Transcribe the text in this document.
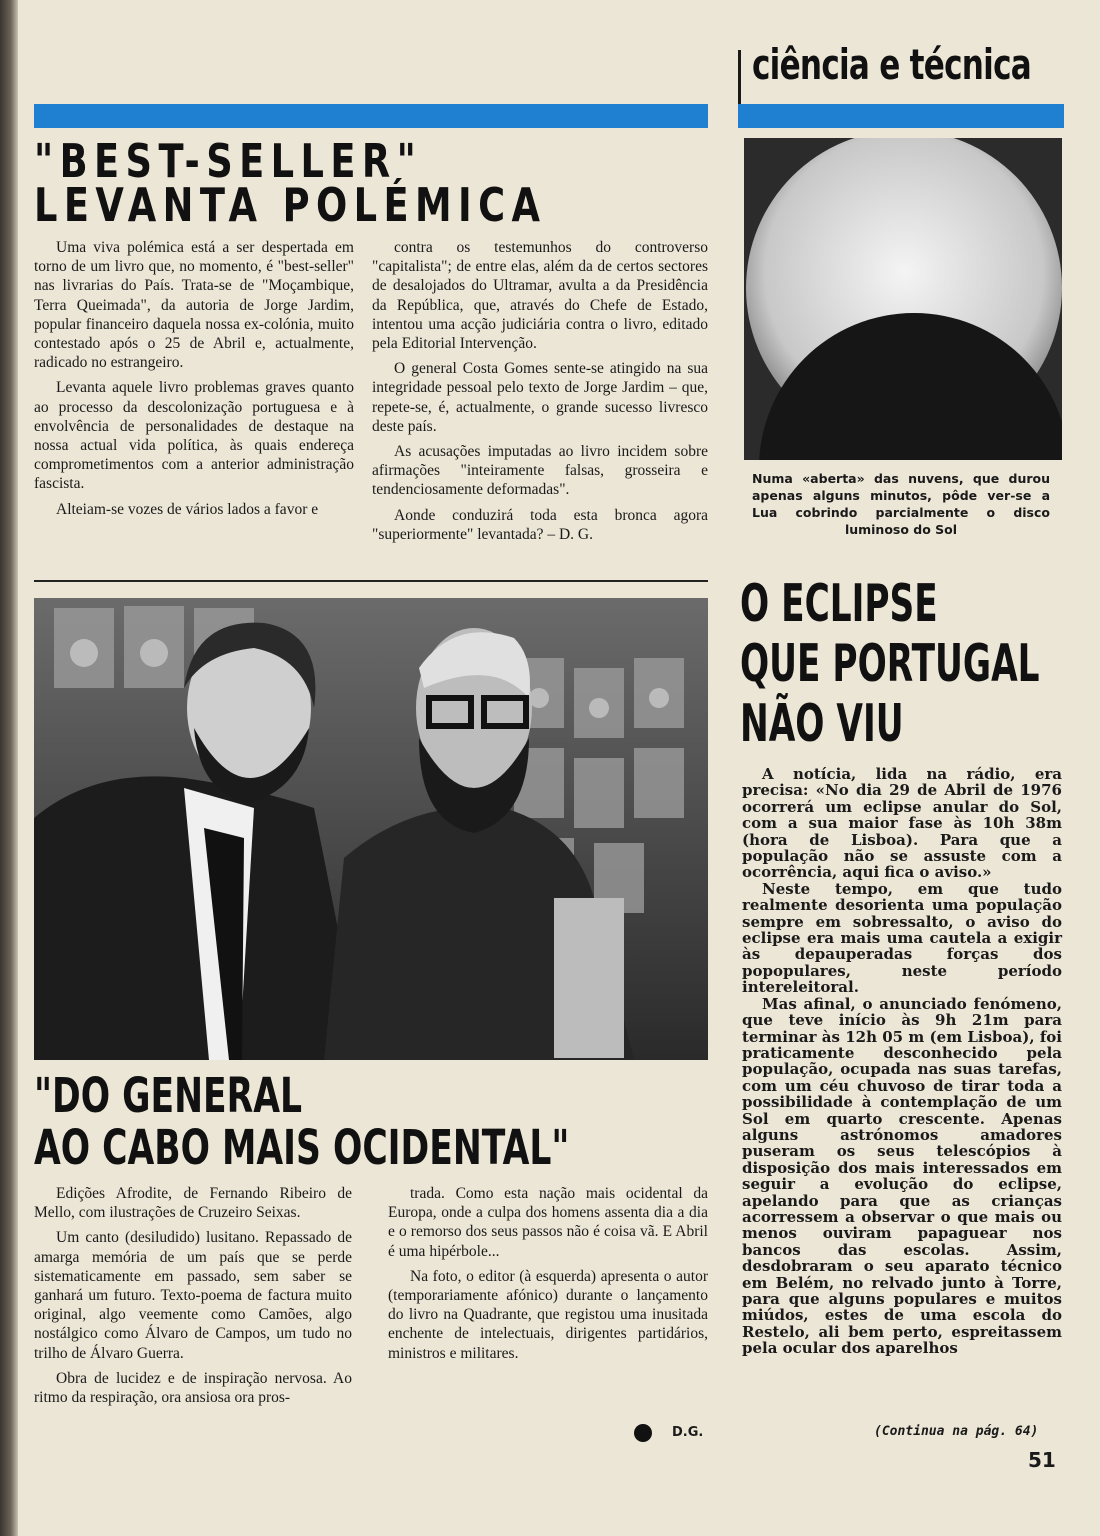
ciência e técnica
"BEST-SELLER"
LEVANTA POLÉMICA

Uma viva polémica está a ser despertada em torno de um livro que, no momento, é "best-seller" nas livrarias do País. Trata-se de "Moçambique, Terra Queimada", da autoria de Jorge Jardim, popular financeiro daquela nossa ex-colónia, muito contestado após o 25 de Abril e, actualmente, radicado no estrangeiro.

Levanta aquele livro problemas graves quanto ao processo da descolonização portuguesa e à envolvência de personalidades de destaque na nossa actual vida política, às quais endereça comprometimentos com a anterior administração fascista.

Alteiam-se vozes de vários lados a favor e

contra os testemunhos do controverso "capitalista"; de entre elas, além da de certos sectores de desalojados do Ultramar, avulta a da Presidência da República, que, através do Chefe de Estado, intentou uma acção judiciária contra o livro, editado pela Editorial Intervenção.

O general Costa Gomes sente-se atingido na sua integridade pessoal pelo texto de Jorge Jardim – que, repete-se, é, actualmente, o grande sucesso livresco deste país.

As acusações imputadas ao livro incidem sobre afirmações "inteiramente falsas, grosseira e tendenciosamente deformadas".

Aonde conduzirá toda esta bronca agora "superiormente" levantada? – D. G.

"DO GENERAL
AO CABO MAIS OCIDENTAL"

Edições Afrodite, de Fernando Ribeiro de Mello, com ilustrações de Cruzeiro Seixas.

Um canto (desiludido) lusitano. Repassado de amarga memória de um país que se perde sistematicamente em passado, sem saber se ganhará um futuro. Texto-poema de factura muito original, algo veemente como Camões, algo nostálgico como Álvaro de Campos, um tudo no trilho de Álvaro Guerra.

Obra de lucidez e de inspiração nervosa. Ao ritmo da respiração, ora ansiosa ora pros-

trada. Como esta nação mais ocidental da Europa, onde a culpa dos homens assenta dia a dia e o remorso dos seus passos não é coisa vã. E Abril é uma hipérbole...

Na foto, o editor (à esquerda) apresenta o autor (temporariamente afónico) durante o lançamento do livro na Quadrante, que registou uma inusitada enchente de intelectuais, dirigentes partidários, ministros e militares.

D.G.
Numa «aberta» das nuvens, que durou apenas alguns minutos, pôde ver-se a Lua cobrindo parcialmente o disco luminoso do Sol
O ECLIPSE
QUE PORTUGAL
NÃO VIU

A notícia, lida na rádio, era precisa: «No dia 29 de Abril de 1976 ocorrerá um eclipse anular do Sol, com a sua maior fase às 10h 38m (hora de Lisboa). Para que a população não se assuste com a ocorrência, aqui fica o aviso.»

Neste tempo, em que tudo realmente desorienta uma população sempre em sobressalto, o aviso do eclipse era mais uma cautela a exigir às depauperadas forças dos popopulares, neste período intereleitoral.

Mas afinal, o anunciado fenómeno, que teve início às 9h 21m para terminar às 12h 05 m (em Lisboa), foi praticamente desconhecido pela população, ocupada nas suas tarefas, com um céu chuvoso de tirar toda a possibilidade à contemplação de um Sol em quarto crescente. Apenas alguns astrónomos amadores puseram os seus telescópios à disposição dos mais interessados em seguir a evolução do eclipse, apelando para que as crianças acorressem a observar o que mais ou menos ouviram papaguear nos bancos das escolas. Assim, desdobraram o seu aparato técnico em Belém, no relvado junto à Torre, para que alguns populares e muitos miúdos, estes de uma escola do Restelo, ali bem perto, espreitassem pela ocular dos aparelhos

(Continua na pág. 64)
51
